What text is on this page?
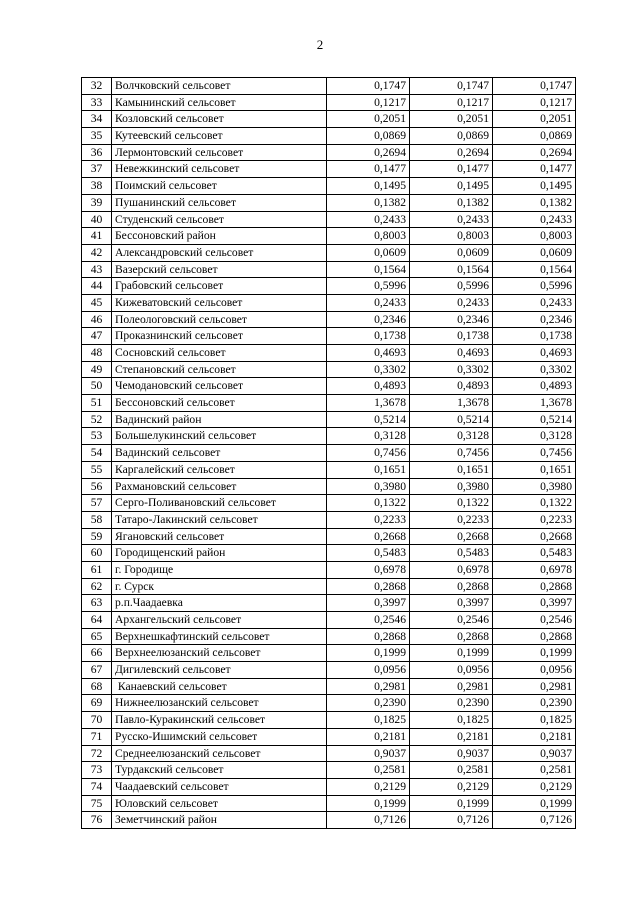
2
32	Волчковский сельсовет	0,1747	0,1747	0,1747
33	Камынинский сельсовет	0,1217	0,1217	0,1217
34	Козловский сельсовет	0,2051	0,2051	0,2051
35	Кутеевский сельсовет	0,0869	0,0869	0,0869
36	Лермонтовский сельсовет	0,2694	0,2694	0,2694
37	Невежкинский сельсовет	0,1477	0,1477	0,1477
38	Поимский сельсовет	0,1495	0,1495	0,1495
39	Пушанинский сельсовет	0,1382	0,1382	0,1382
40	Студенский сельсовет	0,2433	0,2433	0,2433
41	Бессоновский район	0,8003	0,8003	0,8003
42	Александровский сельсовет	0,0609	0,0609	0,0609
43	Вазерский сельсовет	0,1564	0,1564	0,1564
44	Грабовский сельсовет	0,5996	0,5996	0,5996
45	Кижеватовский сельсовет	0,2433	0,2433	0,2433
46	Полеологовский сельсовет	0,2346	0,2346	0,2346
47	Проказнинский сельсовет	0,1738	0,1738	0,1738
48	Сосновский сельсовет	0,4693	0,4693	0,4693
49	Степановский сельсовет	0,3302	0,3302	0,3302
50	Чемодановский сельсовет	0,4893	0,4893	0,4893
51	Бессоновский сельсовет	1,3678	1,3678	1,3678
52	Вадинский район	0,5214	0,5214	0,5214
53	Большелукинский сельсовет	0,3128	0,3128	0,3128
54	Вадинский сельсовет	0,7456	0,7456	0,7456
55	Каргалейский сельсовет	0,1651	0,1651	0,1651
56	Рахмановский сельсовет	0,3980	0,3980	0,3980
57	Серго-Поливановский сельсовет	0,1322	0,1322	0,1322
58	Татаро-Лакинский сельсовет	0,2233	0,2233	0,2233
59	Ягановский сельсовет	0,2668	0,2668	0,2668
60	Городищенский район	0,5483	0,5483	0,5483
61	г. Городище	0,6978	0,6978	0,6978
62	г. Сурск	0,2868	0,2868	0,2868
63	р.п.Чаадаевка	0,3997	0,3997	0,3997
64	Архангельский сельсовет	0,2546	0,2546	0,2546
65	Верхнешкафтинский сельсовет	0,2868	0,2868	0,2868
66	Верхнеелюзанский сельсовет	0,1999	0,1999	0,1999
67	Дигилевский сельсовет	0,0956	0,0956	0,0956
68	Канаевский сельсовет	0,2981	0,2981	0,2981
69	Нижнеелюзанский сельсовет	0,2390	0,2390	0,2390
70	Павло-Куракинский сельсовет	0,1825	0,1825	0,1825
71	Русско-Ишимский сельсовет	0,2181	0,2181	0,2181
72	Среднеелюзанский сельсовет	0,9037	0,9037	0,9037
73	Турдакский сельсовет	0,2581	0,2581	0,2581
74	Чаадаевский сельсовет	0,2129	0,2129	0,2129
75	Юловский сельсовет	0,1999	0,1999	0,1999
76	Земетчинский район	0,7126	0,7126	0,7126
